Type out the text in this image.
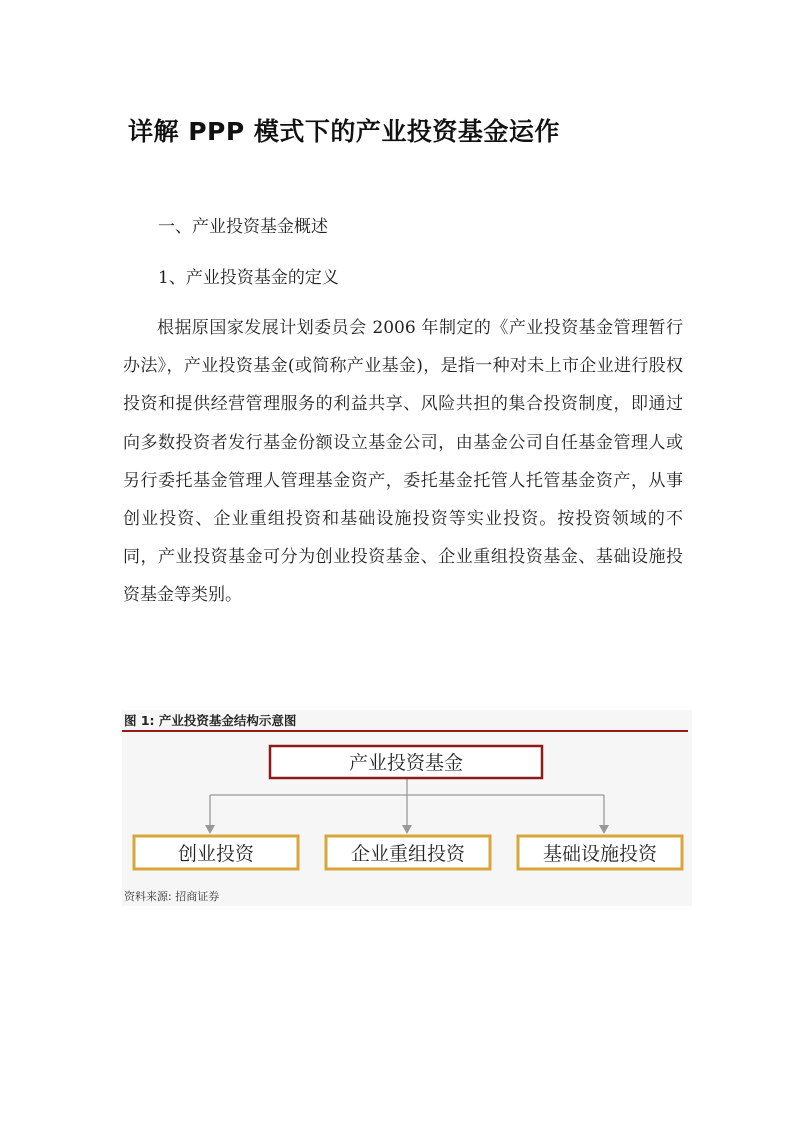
详解 PPP 模式下的产业投资基金运作
一、产业投资基金概述
1、产业投资基金的定义

根据原国家发展计划委员会 2006 年制定的《产业投资基金管理暂行办法》，产业投资基金(或简称产业基金)，是指一种对未上市企业进行股权投资和提供经营管理服务的利益共享、风险共担的集合投资制度，即通过向多数投资者发行基金份额设立基金公司，由基金公司自任基金管理人或另行委托基金管理人管理基金资产，委托基金托管人托管基金资产，从事创业投资、企业重组投资和基础设施投资等实业投资。按投资领域的不同，产业投资基金可分为创业投资基金、企业重组投资基金、基础设施投资基金等类别。

图 1: 产业投资基金结构示意图
产业投资基金
创业投资	企业重组投资	基础设施投资
资料来源: 招商证券
